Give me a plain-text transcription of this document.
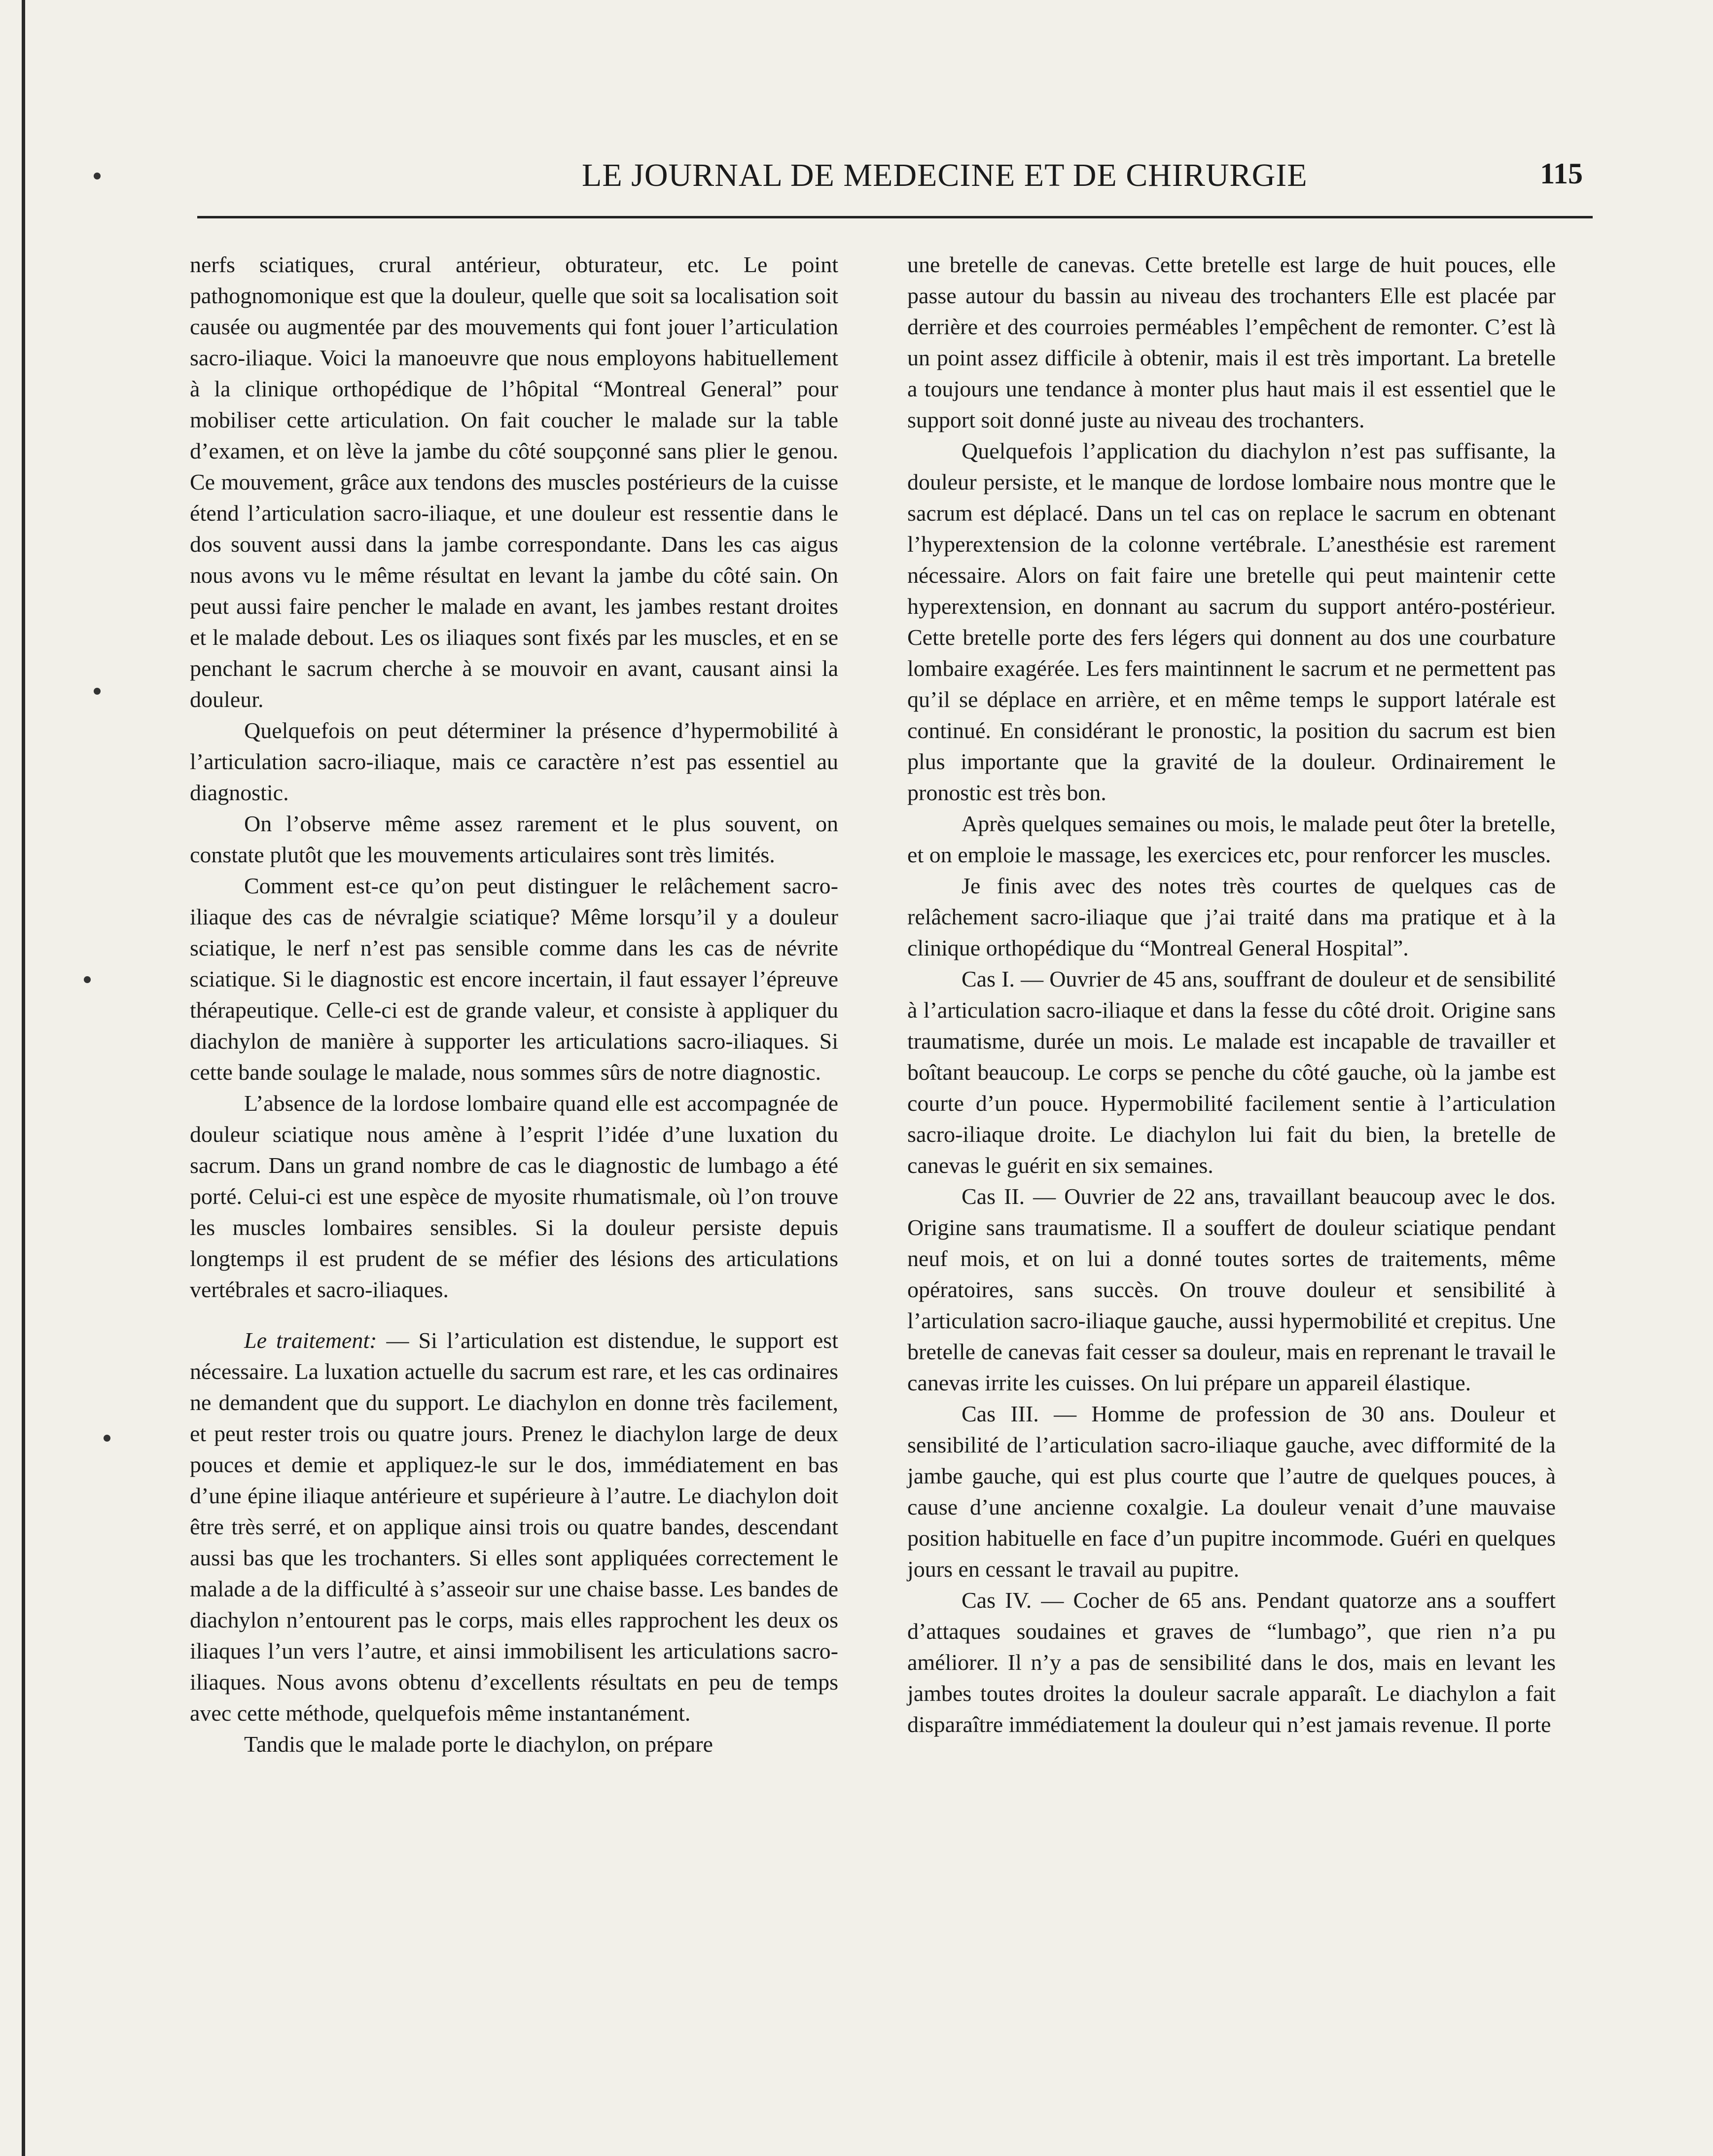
LE JOURNAL DE MEDECINE ET DE CHIRURGIE	115

nerfs sciatiques, crural antérieur, obturateur, etc. Le point pathognomonique est que la douleur, quelle que soit sa localisation soit causée ou augmentée par des mouvements qui font jouer l’articulation sacro-iliaque. Voici la manoeuvre que nous employons habituellement à la clinique orthopédique de l’hôpital “Montreal General” pour mobiliser cette articulation. On fait coucher le malade sur la table d’examen, et on lève la jambe du côté soupçonné sans plier le genou. Ce mouvement, grâce aux tendons des muscles postérieurs de la cuisse étend l’articulation sacro-iliaque, et une douleur est ressentie dans le dos souvent aussi dans la jambe correspondante. Dans les cas aigus nous avons vu le même résultat en levant la jambe du côté sain. On peut aussi faire pencher le malade en avant, les jambes restant droites et le malade debout. Les os iliaques sont fixés par les muscles, et en se penchant le sacrum cherche à se mouvoir en avant, causant ainsi la douleur.

Quelquefois on peut déterminer la présence d’hypermobilité à l’articulation sacro-iliaque, mais ce caractère n’est pas essentiel au diagnostic.

On l’observe même assez rarement et le plus souvent, on constate plutôt que les mouvements articulaires sont très limités.

Comment est-ce qu’on peut distinguer le relâchement sacro-iliaque des cas de névralgie sciatique? Même lorsqu’il y a douleur sciatique, le nerf n’est pas sensible comme dans les cas de névrite sciatique. Si le diagnostic est encore incertain, il faut essayer l’épreuve thérapeutique. Celle-ci est de grande valeur, et consiste à appliquer du diachylon de manière à supporter les articulations sacro-iliaques. Si cette bande soulage le malade, nous sommes sûrs de notre diagnostic.

L’absence de la lordose lombaire quand elle est accompagnée de douleur sciatique nous amène à l’esprit l’idée d’une luxation du sacrum. Dans un grand nombre de cas le diagnostic de lumbago a été porté. Celui-ci est une espèce de myosite rhumatismale, où l’on trouve les muscles lombaires sensibles. Si la douleur persiste depuis longtemps il est prudent de se méfier des lésions des articulations vertébrales et sacro-iliaques.

Le traitement: — Si l’articulation est distendue, le support est nécessaire. La luxation actuelle du sacrum est rare, et les cas ordinaires ne demandent que du support. Le diachylon en donne très facilement, et peut rester trois ou quatre jours. Prenez le diachylon large de deux pouces et demie et appliquez-le sur le dos, immédiatement en bas d’une épine iliaque antérieure et supérieure à l’autre. Le diachylon doit être très serré, et on applique ainsi trois ou quatre bandes, descendant aussi bas que les trochanters. Si elles sont appliquées correctement le malade a de la difficulté à s’asseoir sur une chaise basse. Les bandes de diachylon n’entourent pas le corps, mais elles rapprochent les deux os iliaques l’un vers l’autre, et ainsi immobilisent les articulations sacro-iliaques. Nous avons obtenu d’excellents résultats en peu de temps avec cette méthode, quelquefois même instantanément.

Tandis que le malade porte le diachylon, on prépare

une bretelle de canevas. Cette bretelle est large de huit pouces, elle passe autour du bassin au niveau des trochanters Elle est placée par derrière et des courroies perméables l’empêchent de remonter. C’est là un point assez difficile à obtenir, mais il est très important. La bretelle a toujours une tendance à monter plus haut mais il est essentiel que le support soit donné juste au niveau des trochanters.

Quelquefois l’application du diachylon n’est pas suffisante, la douleur persiste, et le manque de lordose lombaire nous montre que le sacrum est déplacé. Dans un tel cas on replace le sacrum en obtenant l’hyperextension de la colonne vertébrale. L’anesthésie est rarement nécessaire. Alors on fait faire une bretelle qui peut maintenir cette hyperextension, en donnant au sacrum du support antéro-postérieur. Cette bretelle porte des fers légers qui donnent au dos une courbature lombaire exagérée. Les fers maintinnent le sacrum et ne permettent pas qu’il se déplace en arrière, et en même temps le support latérale est continué. En considérant le pronostic, la position du sacrum est bien plus importante que la gravité de la douleur. Ordinairement le pronostic est très bon.

Après quelques semaines ou mois, le malade peut ôter la bretelle, et on emploie le massage, les exercices etc, pour renforcer les muscles.

Je finis avec des notes très courtes de quelques cas de relâchement sacro-iliaque que j’ai traité dans ma pratique et à la clinique orthopédique du “Montreal General Hospital”.

Cas I. — Ouvrier de 45 ans, souffrant de douleur et de sensibilité à l’articulation sacro-iliaque et dans la fesse du côté droit. Origine sans traumatisme, durée un mois. Le malade est incapable de travailler et boîtant beaucoup. Le corps se penche du côté gauche, où la jambe est courte d’un pouce. Hypermobilité facilement sentie à l’articulation sacro-iliaque droite. Le diachylon lui fait du bien, la bretelle de canevas le guérit en six semaines.

Cas II. — Ouvrier de 22 ans, travaillant beaucoup avec le dos. Origine sans traumatisme. Il a souffert de douleur sciatique pendant neuf mois, et on lui a donné toutes sortes de traitements, même opératoires, sans succès. On trouve douleur et sensibilité à l’articulation sacro-iliaque gauche, aussi hypermobilité et crepitus. Une bretelle de canevas fait cesser sa douleur, mais en reprenant le travail le canevas irrite les cuisses. On lui prépare un appareil élastique.

Cas III. — Homme de profession de 30 ans. Douleur et sensibilité de l’articulation sacro-iliaque gauche, avec difformité de la jambe gauche, qui est plus courte que l’autre de quelques pouces, à cause d’une ancienne coxalgie. La douleur venait d’une mauvaise position habituelle en face d’un pupitre incommode. Guéri en quelques jours en cessant le travail au pupitre.

Cas IV. — Cocher de 65 ans. Pendant quatorze ans a souffert d’attaques soudaines et graves de “lumbago”, que rien n’a pu améliorer. Il n’y a pas de sensibilité dans le dos, mais en levant les jambes toutes droites la douleur sacrale apparaît. Le diachylon a fait disparaître immédiatement la douleur qui n’est jamais revenue. Il porte
